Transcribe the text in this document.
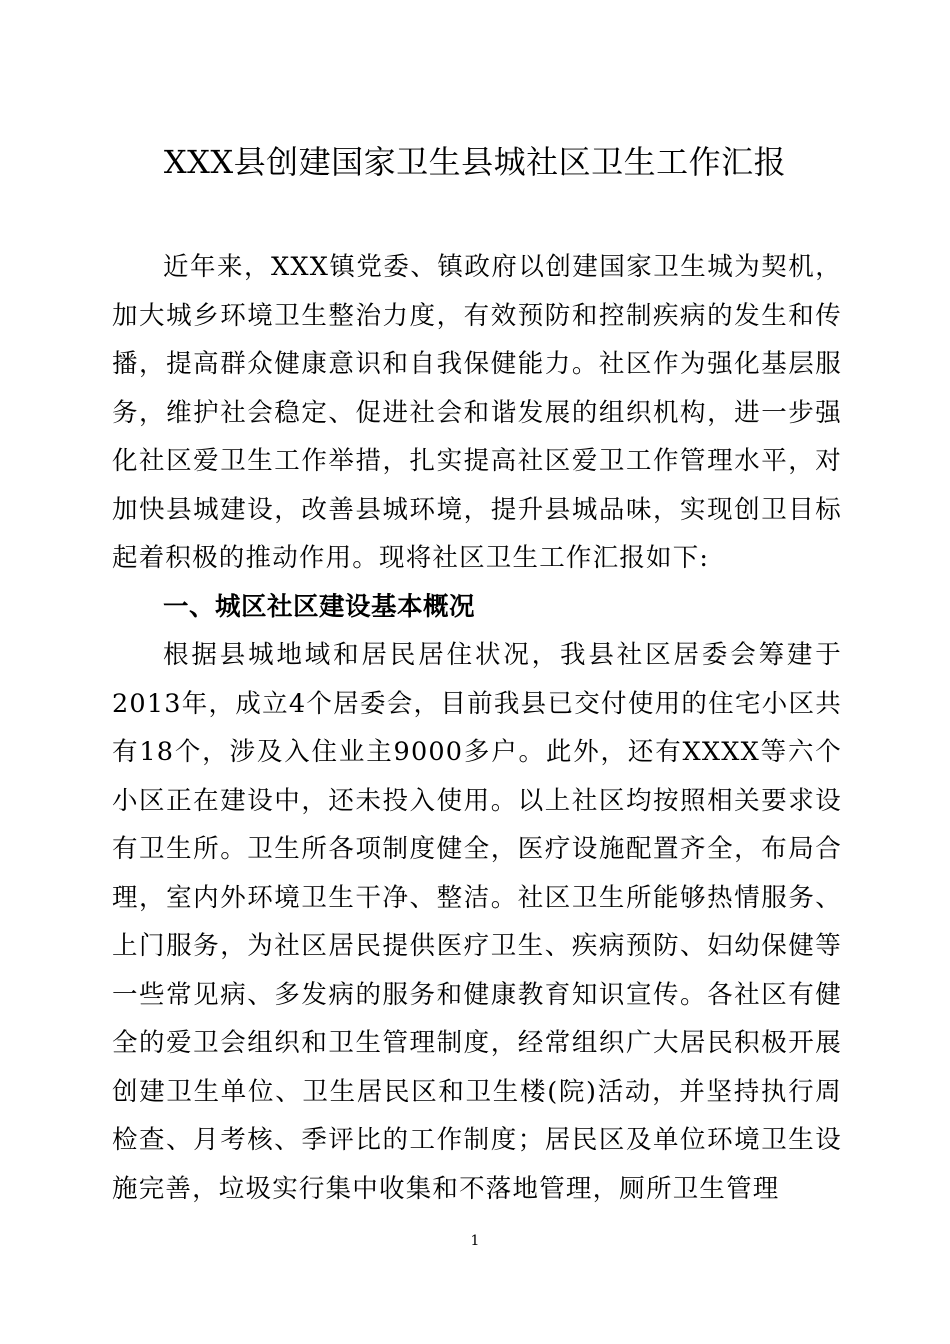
XXX县创建国家卫生县城社区卫生工作汇报

近年来，XXX镇党委、镇政府以创建国家卫生城为契机，加大城乡环境卫生整治力度，有效预防和控制疾病的发生和传播，提高群众健康意识和自我保健能力。社区作为强化基层服务，维护社会稳定、促进社会和谐发展的组织机构，进一步强化社区爱卫生工作举措，扎实提高社区爱卫工作管理水平，对加快县城建设，改善县城环境，提升县城品味，实现创卫目标起着积极的推动作用。现将社区卫生工作汇报如下:

一、城区社区建设基本概况

根据县城地域和居民居住状况，我县社区居委会筹建于2013年，成立4个居委会，目前我县已交付使用的住宅小区共有18个，涉及入住业主9000多户。此外，还有XXXX等六个小区正在建设中，还未投入使用。以上社区均按照相关要求设有卫生所。卫生所各项制度健全，医疗设施配置齐全，布局合理，室内外环境卫生干净、整洁。社区卫生所能够热情服务、上门服务，为社区居民提供医疗卫生、疾病预防、妇幼保健等一些常见病、多发病的服务和健康教育知识宣传。各社区有健全的爱卫会组织和卫生管理制度，经常组织广大居民积极开展创建卫生单位、卫生居民区和卫生楼(院)活动，并坚持执行周检查、月考核、季评比的工作制度；居民区及单位环境卫生设施完善，垃圾实行集中收集和不落地管理，厕所卫生管理

1
